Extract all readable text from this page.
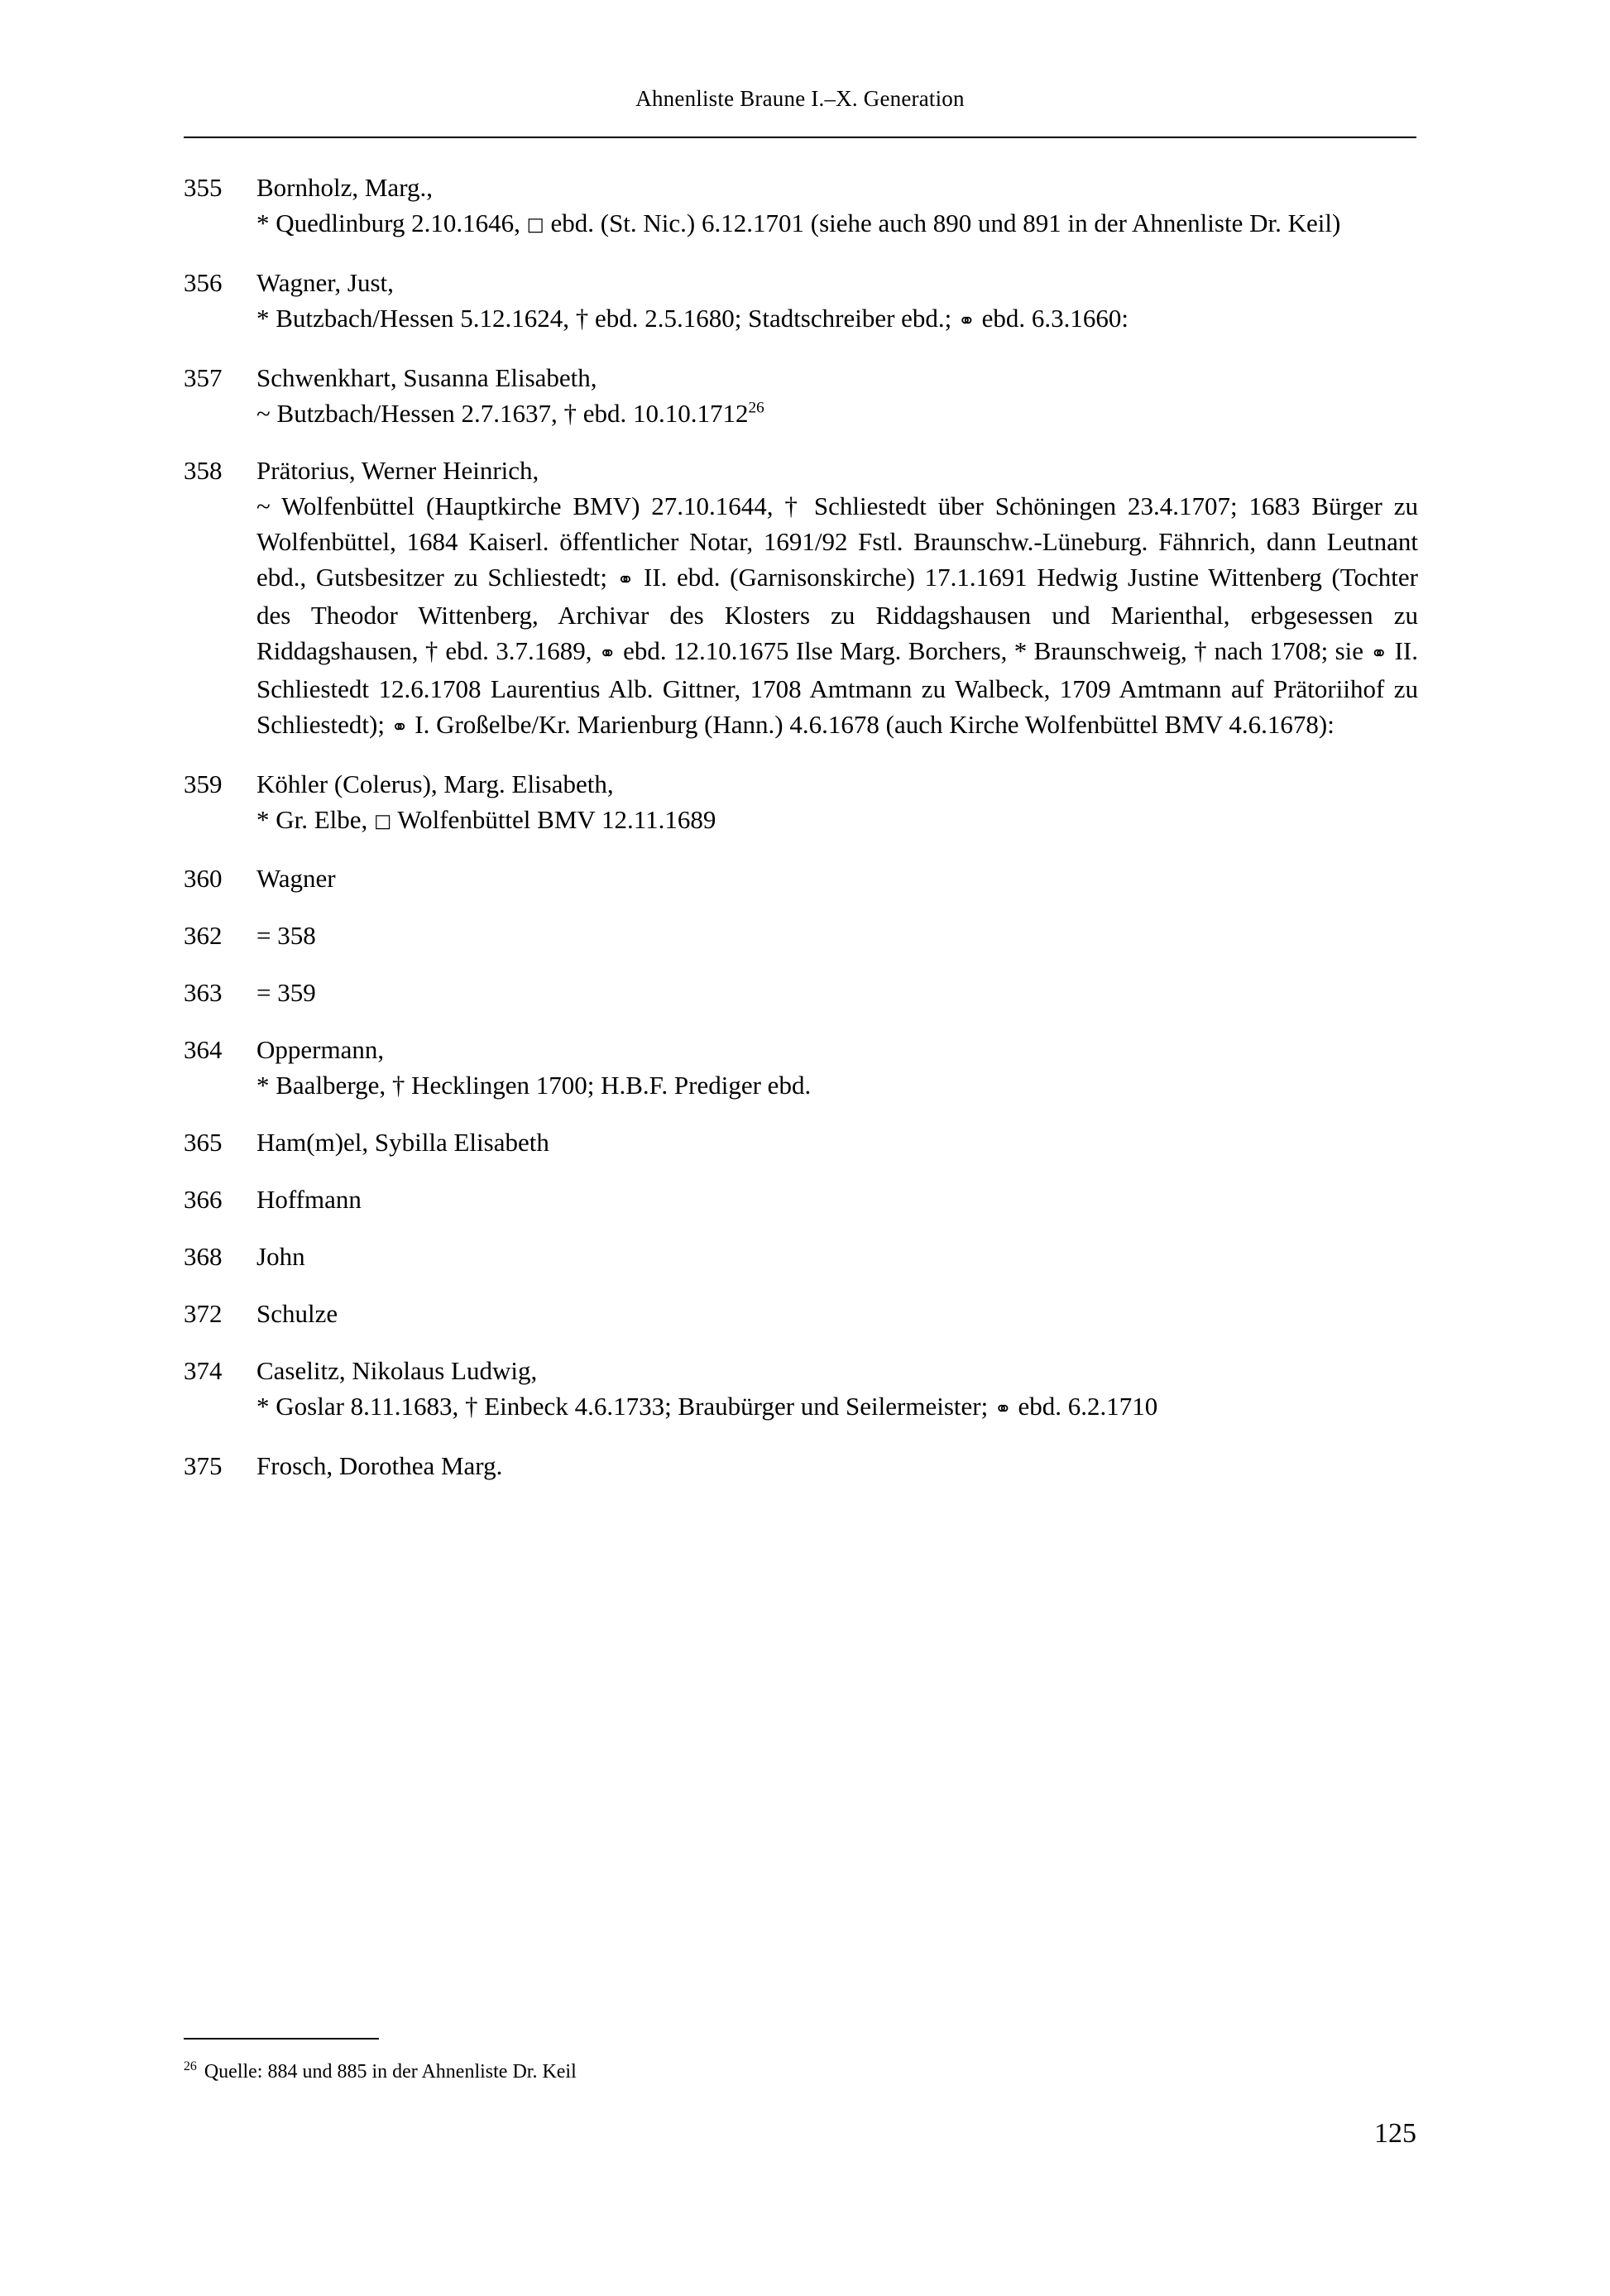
Ahnenliste Braune I.–X. Generation
355	Bornholz, Marg.,
* Quedlinburg 2.10.1646, □ ebd. (St. Nic.) 6.12.1701 (siehe auch 890 und 891 in der Ahnenliste Dr. Keil)
356	Wagner, Just,
* Butzbach/Hessen 5.12.1624, † ebd. 2.5.1680; Stadtschreiber ebd.; ⚭ ebd. 6.3.1660:
357	Schwenkhart, Susanna Elisabeth,
~ Butzbach/Hessen 2.7.1637, † ebd. 10.10.1712$^{26}$
358	Prätorius, Werner Heinrich,
~ Wolfenbüttel (Hauptkirche BMV) 27.10.1644, † Schliestedt über Schöningen 23.4.1707; 1683 Bürger zu Wolfenbüttel, 1684 Kaiserl. öffentlicher Notar, 1691/92 Fstl. Braunschw.-Lüneburg. Fähnrich, dann Leutnant ebd., Gutsbesitzer zu Schliestedt; ⚭ II. ebd. (Garnisonskirche) 17.1.1691 Hedwig Justine Wittenberg (Tochter des Theodor Wittenberg, Archivar des Klosters zu Riddagshausen und Marienthal, erbgesessen zu Riddagshausen, † ebd. 3.7.1689, ⚭ ebd. 12.10.1675 Ilse Marg. Borchers, * Braunschweig, † nach 1708; sie ⚭ II. Schliestedt 12.6.1708 Laurentius Alb. Gittner, 1708 Amtmann zu Walbeck, 1709 Amtmann auf Prätoriihof zu Schliestedt); ⚭ I. Großelbe/Kr. Marienburg (Hann.) 4.6.1678 (auch Kirche Wolfenbüttel BMV 4.6.1678):
359	Köhler (Colerus), Marg. Elisabeth,
* Gr. Elbe, □ Wolfenbüttel BMV 12.11.1689
360	Wagner
362	= 358
363	= 359
364	Oppermann,
* Baalberge, † Hecklingen 1700; H.B.F. Prediger ebd.
365	Ham(m)el, Sybilla Elisabeth
366	Hoffmann
368	John
372	Schulze
374	Caselitz, Nikolaus Ludwig,
* Goslar 8.11.1683, † Einbeck 4.6.1733; Braubürger und Seilermeister; ⚭ ebd. 6.2.1710
375	Frosch, Dorothea Marg.
$^{26}$ Quelle: 884 und 885 in der Ahnenliste Dr. Keil
125
